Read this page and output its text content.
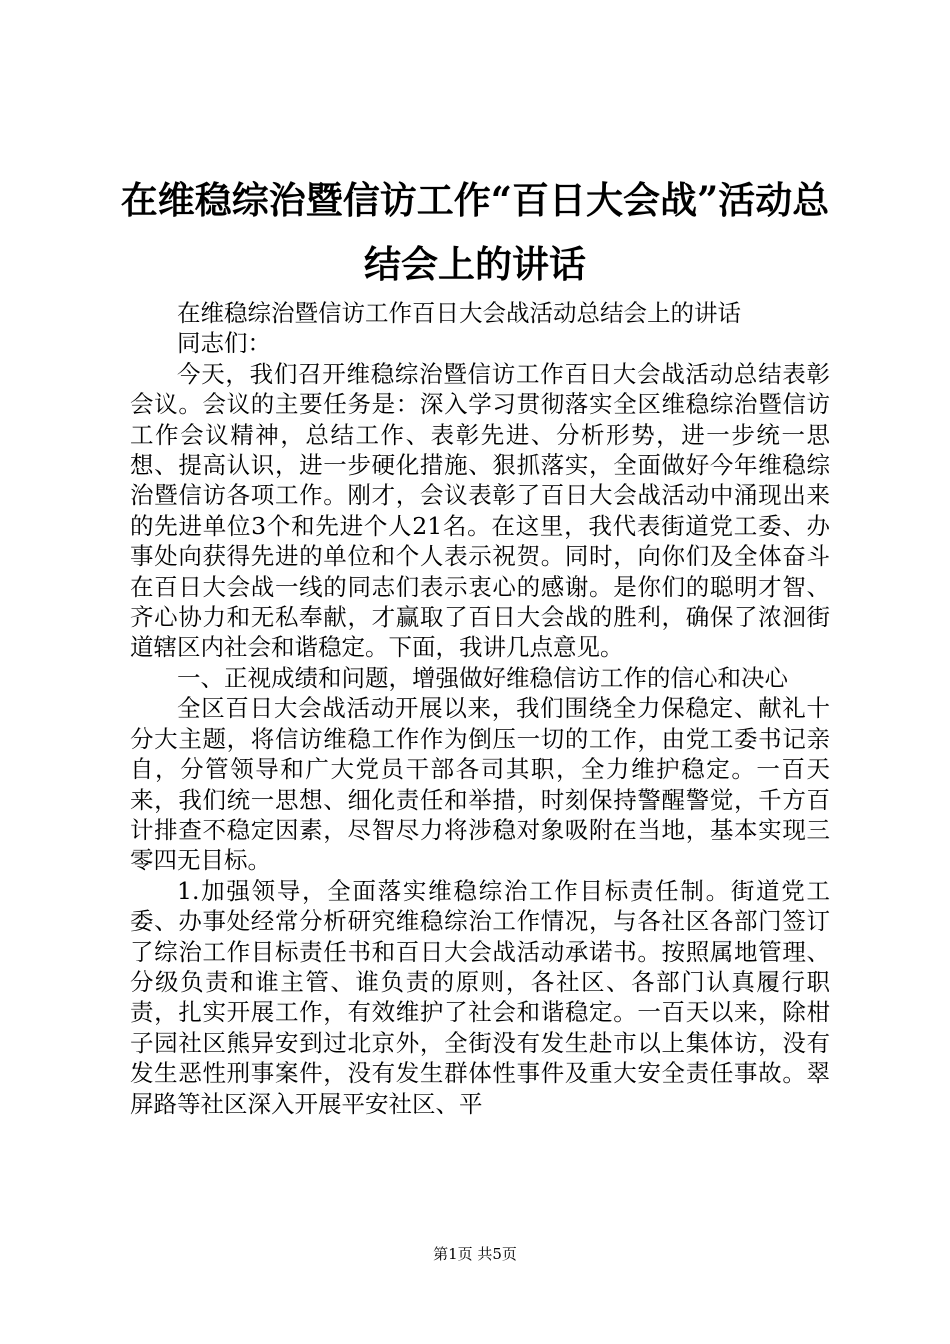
在维稳综治暨信访工作“百日大会战”活动总
结会上的讲话

在维稳综治暨信访工作百日大会战活动总结会上的讲话

同志们：

今天，我们召开维稳综治暨信访工作百日大会战活动总结表彰会议。会议的主要任务是：深入学习贯彻落实全区维稳综治暨信访工作会议精神，总结工作、表彰先进、分析形势，进一步统一思想、提高认识，进一步硬化措施、狠抓落实，全面做好今年维稳综治暨信访各项工作。刚才，会议表彰了百日大会战活动中涌现出来的先进单位3个和先进个人21名。在这里，我代表街道党工委、办事处向获得先进的单位和个人表示祝贺。同时，向你们及全体奋斗在百日大会战一线的同志们表示衷心的感谢。是你们的聪明才智、齐心协力和无私奉献，才赢取了百日大会战的胜利，确保了浓洄街道辖区内社会和谐稳定。下面，我讲几点意见。

一、正视成绩和问题，增强做好维稳信访工作的信心和决心

全区百日大会战活动开展以来，我们围绕全力保稳定、献礼十分大主题，将信访维稳工作作为倒压一切的工作，由党工委书记亲自，分管领导和广大党员干部各司其职，全力维护稳定。一百天来，我们统一思想、细化责任和举措，时刻保持警醒警觉，千方百计排查不稳定因素，尽智尽力将涉稳对象吸附在当地，基本实现三零四无目标。

1.加强领导，全面落实维稳综治工作目标责任制。街道党工委、办事处经常分析研究维稳综治工作情况，与各社区各部门签订了综治工作目标责任书和百日大会战活动承诺书。按照属地管理、分级负责和谁主管、谁负责的原则，各社区、各部门认真履行职责，扎实开展工作，有效维护了社会和谐稳定。一百天以来，除柑子园社区熊异安到过北京外，全街没有发生赴市以上集体访，没有发生恶性刑事案件，没有发生群体性事件及重大安全责任事故。翠屏路等社区深入开展平安社区、平

第1页 共5页
